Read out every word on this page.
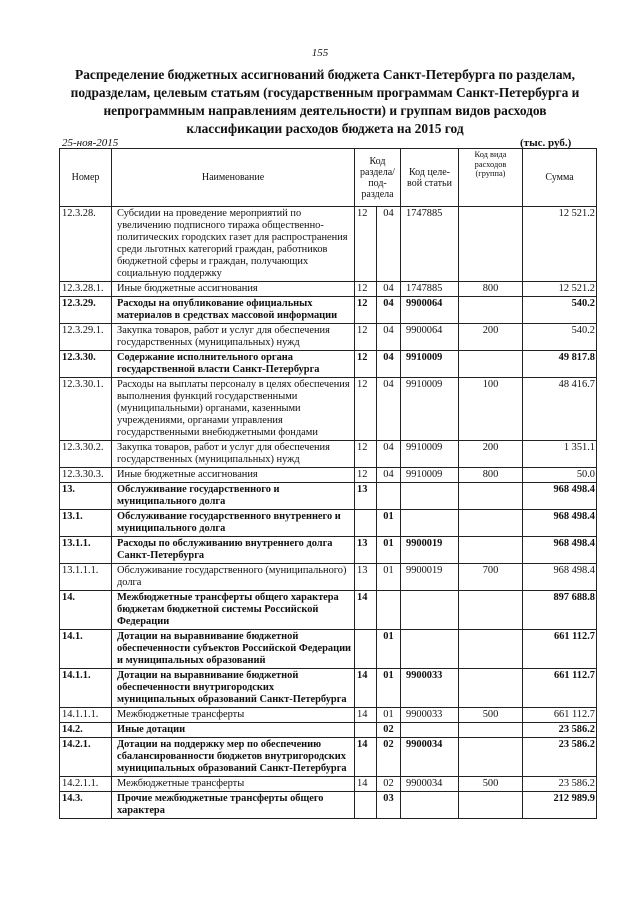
155
Распределение бюджетных ассигнований бюджета Санкт-Петербурга по разделам, подразделам, целевым статьям (государственным программам Санкт-Петербурга и непрограммным направлениям деятельности) и группам видов расходов классификации расходов бюджета на 2015 год
25-ноя-2015	(тыс. руб.)
Номер	Наименование	Код раздела/ под- раздела		Код целе- вой статьи	Код вида расходов (группа)	Сумма
12.3.28.	Субсидии на проведение мероприятий по увеличению подписного тиража общественно-политических городских газет для распространения среди льготных категорий граждан, работников бюджетной сферы и граждан, получающих социальную поддержку	12	04	1747885		12 521.2
12.3.28.1.	Иные бюджетные ассигнования	12	04	1747885	800	12 521.2
12.3.29.	Расходы на опубликование официальных материалов в средствах массовой информации	12	04	9900064		540.2
12.3.29.1.	Закупка товаров, работ и услуг для обеспечения государственных (муниципальных) нужд	12	04	9900064	200	540.2
12.3.30.	Содержание исполнительного органа государственной власти Санкт-Петербурга	12	04	9910009		49 817.8
12.3.30.1.	Расходы на выплаты персоналу в целях обеспечения выполнения функций государственными (муниципальными) органами, казенными учреждениями, органами управления государственными внебюджетными фондами	12	04	9910009	100	48 416.7
12.3.30.2.	Закупка товаров, работ и услуг для обеспечения государственных (муниципальных) нужд	12	04	9910009	200	1 351.1
12.3.30.3.	Иные бюджетные ассигнования	12	04	9910009	800	50.0
13.	Обслуживание государственного и муниципального долга	13				968 498.4
13.1.	Обслуживание государственного внутреннего и муниципального долга		01			968 498.4
13.1.1.	Расходы по обслуживанию внутреннего долга Санкт-Петербурга	13	01	9900019		968 498.4
13.1.1.1.	Обслуживание государственного (муниципального) долга	13	01	9900019	700	968 498.4
14.	Межбюджетные трансферты общего характера бюджетам бюджетной системы Российской Федерации	14				897 688.8
14.1.	Дотации на выравнивание бюджетной обеспеченности субъектов Российской Федерации и муниципальных образований		01			661 112.7
14.1.1.	Дотации на выравнивание бюджетной обеспеченности внутригородских муниципальных образований Санкт-Петербурга	14	01	9900033		661 112.7
14.1.1.1.	Межбюджетные трансферты	14	01	9900033	500	661 112.7
14.2.	Иные дотации		02			23 586.2
14.2.1.	Дотации на поддержку мер по обеспечению сбалансированности бюджетов внутригородских муниципальных образований Санкт-Петербурга	14	02	9900034		23 586.2
14.2.1.1.	Межбюджетные трансферты	14	02	9900034	500	23 586.2
14.3.	Прочие межбюджетные трансферты общего характера		03			212 989.9
